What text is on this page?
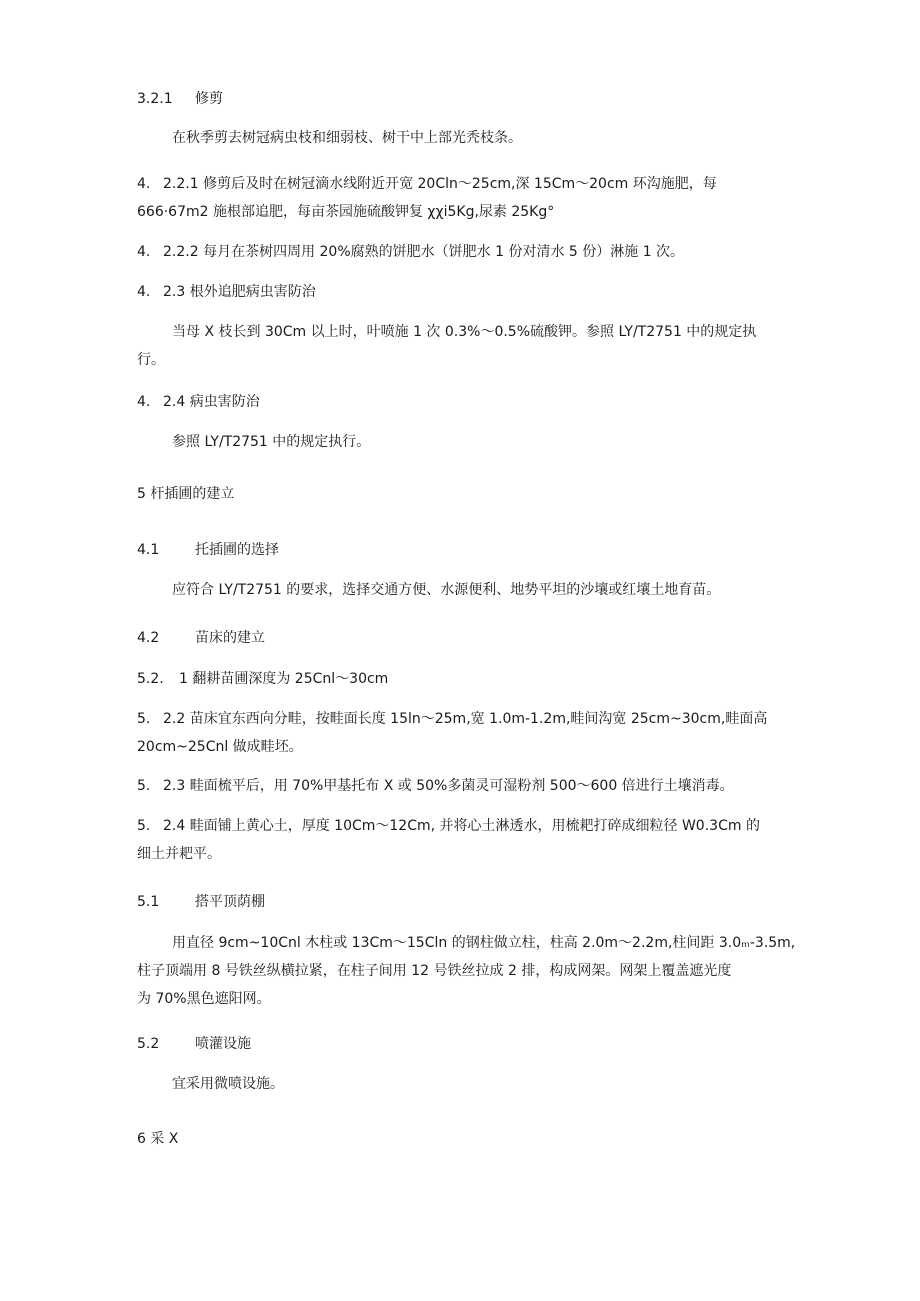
3.2.1 修剪
在秋季剪去树冠病虫枝和细弱枝、树干中上部光秃枝条。
4. 2.2.1 修剪后及时在树冠滴水线附近开宽 20Cln～25cm,深 15Cm～20cm 环沟施肥，每
666·67m2 施根部追肥，每亩茶园施硫酸钾复 χχi5Kg,尿素 25Kg°
4. 2.2.2 每月在茶树四周用 20%腐熟的饼肥水（饼肥水 1 份对清水 5 份）淋施 1 次。
4. 2.3 根外追肥病虫害防治
当母 X 枝长到 30Cm 以上时，叶喷施 1 次 0.3%～0.5%硫酸钾。参照 LY/T2751 中的规定执
行。
4. 2.4 病虫害防治
参照 LY/T2751 中的规定执行。
5 杆插圃的建立
4.1	托插圃的选择
应符合 LY/T2751 的要求，选择交通方便、水源便利、地势平坦的沙壤或红壤土地育苗。
4.2	苗床的建立
5.2. 1 翻耕苗圃深度为 25Cnl～30cm
5. 2.2 苗床宜东西向分畦，按畦面长度 15ln～25m,宽 1.0m-1.2m,畦间沟宽 25cm~30cm,畦面高
20cm~25Cnl 做成畦坯。
5. 2.3 畦面梳平后，用 70%甲基托布 X 或 50%多菌灵可湿粉剂 500～600 倍进行土壤消毒。
5. 2.4 畦面铺上黄心土，厚度 10Cm～12Cm, 并将心土淋透水，用梳耙打碎成细粒径 W0.3Cm 的
细土并耙平。
5.1	搭平顶荫棚
用直径 9cm~10Cnl 木柱或 13Cm～15Cln 的钢柱做立柱，柱高 2.0m～2.2m,柱间距 3.0ₘ-3.5m,
柱子顶端用 8 号铁丝纵横拉紧，在柱子间用 12 号铁丝拉成 2 排，构成网架。网架上覆盖遮光度
为 70%黑色遮阳网。
5.2	喷灌设施
宜采用微喷设施。
6 采 X
